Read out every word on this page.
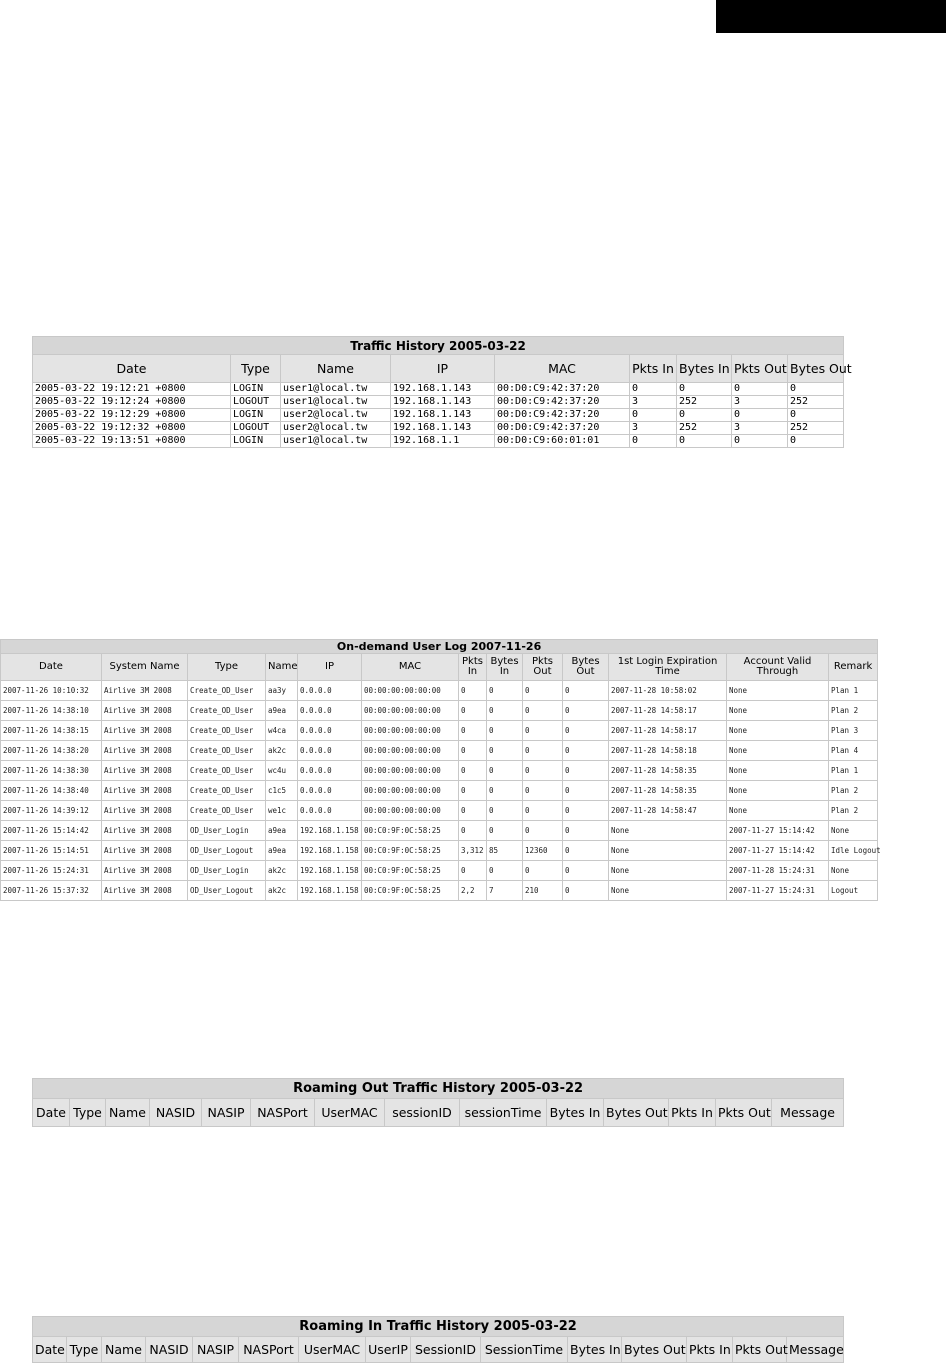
Traffic History 2005-03-22								
Date	Type	Name	IP	MAC	Pkts In	Bytes In	Pkts Out	Bytes Out
2005-03-22 19:12:21 +0800	LOGIN	user1@local.tw	192.168.1.143	00:D0:C9:42:37:20	0	0	0	0
2005-03-22 19:12:24 +0800	LOGOUT	user1@local.tw	192.168.1.143	00:D0:C9:42:37:20	3	252	3	252
2005-03-22 19:12:29 +0800	LOGIN	user2@local.tw	192.168.1.143	00:D0:C9:42:37:20	0	0	0	0
2005-03-22 19:12:32 +0800	LOGOUT	user2@local.tw	192.168.1.143	00:D0:C9:42:37:20	3	252	3	252
2005-03-22 19:13:51 +0800	LOGIN	user1@local.tw	192.168.1.1	00:D0:C9:60:01:01	0	0	0	0
On-demand User Log 2007-11-26												
Date	System Name	Type	Name	IP	MAC	Pkts In	Bytes In	Pkts Out	Bytes Out	1st Login Expiration Time	Account Valid Through	Remark
2007-11-26 10:10:32	Airlive 3M 2008	Create_OD_User	aa3y	0.0.0.0	00:00:00:00:00:00	0	0	0	0	2007-11-28 10:58:02	None	Plan 1
2007-11-26 14:38:10	Airlive 3M 2008	Create_OD_User	a9ea	0.0.0.0	00:00:00:00:00:00	0	0	0	0	2007-11-28 14:58:17	None	Plan 2
2007-11-26 14:38:15	Airlive 3M 2008	Create_OD_User	w4ca	0.0.0.0	00:00:00:00:00:00	0	0	0	0	2007-11-28 14:58:17	None	Plan 3
2007-11-26 14:38:20	Airlive 3M 2008	Create_OD_User	ak2c	0.0.0.0	00:00:00:00:00:00	0	0	0	0	2007-11-28 14:58:18	None	Plan 4
2007-11-26 14:38:30	Airlive 3M 2008	Create_OD_User	wc4u	0.0.0.0	00:00:00:00:00:00	0	0	0	0	2007-11-28 14:58:35	None	Plan 1
2007-11-26 14:38:40	Airlive 3M 2008	Create_OD_User	c1c5	0.0.0.0	00:00:00:00:00:00	0	0	0	0	2007-11-28 14:58:35	None	Plan 2
2007-11-26 14:39:12	Airlive 3M 2008	Create_OD_User	we1c	0.0.0.0	00:00:00:00:00:00	0	0	0	0	2007-11-28 14:58:47	None	Plan 2
2007-11-26 15:14:42	Airlive 3M 2008	OD_User_Login	a9ea	192.168.1.158	00:C0:9F:0C:58:25	0	0	0	0	None	2007-11-27 15:14:42	None
2007-11-26 15:14:51	Airlive 3M 2008	OD_User_Logout	a9ea	192.168.1.158	00:C0:9F:0C:58:25	3,312	85	12360	0	None	2007-11-27 15:14:42	Idle Logout
2007-11-26 15:24:31	Airlive 3M 2008	OD_User_Login	ak2c	192.168.1.158	00:C0:9F:0C:58:25	0	0	0	0	None	2007-11-28 15:24:31	None
2007-11-26 15:37:32	Airlive 3M 2008	OD_User_Logout	ak2c	192.168.1.158	00:C0:9F:0C:58:25	2,2	7	210	0	None	2007-11-27 15:24:31	Logout
Roaming Out Traffic History 2005-03-22
Date	Type	Name	NASID	NASIP	NASPort	UserMAC	sessionID	sessionTime	Bytes In	Bytes Out	Pkts In	Pkts Out	Message
Roaming In Traffic History 2005-03-22
Date	Type	Name	NASID	NASIP	NASPort	UserMAC	UserIP	SessionID	SessionTime	Bytes In	Bytes Out	Pkts In	Pkts Out	Message
